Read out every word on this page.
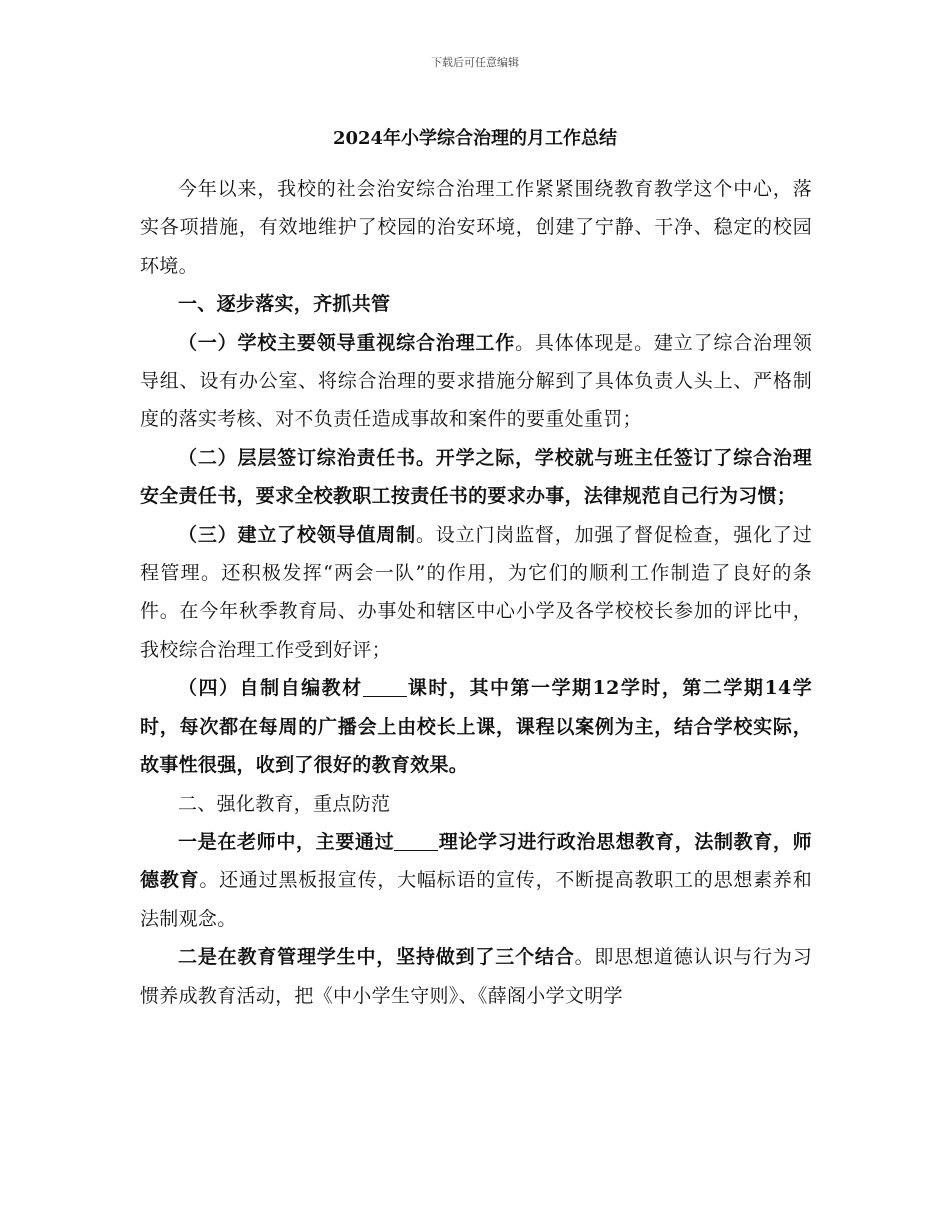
下载后可任意编辑
2024年小学综合治理的月工作总结

今年以来，我校的社会治安综合治理工作紧紧围绕教育教学这个中心，落实各项措施，有效地维护了校园的治安环境，创建了宁静、干净、稳定的校园环境。

一、逐步落实，齐抓共管

（一）学校主要领导重视综合治理工作。具体体现是。建立了综合治理领导组、设有办公室、将综合治理的要求措施分解到了具体负责人头上、严格制度的落实考核、对不负责任造成事故和案件的要重处重罚；

（二）层层签订综治责任书。开学之际，学校就与班主任签订了综合治理安全责任书，要求全校教职工按责任书的要求办事，法律规范自己行为习惯；

（三）建立了校领导值周制。设立门岗监督，加强了督促检查，强化了过程管理。还积极发挥“两会一队”的作用，为它们的顺利工作制造了良好的条件。在今年秋季教育局、办事处和辖区中心小学及各学校校长参加的评比中，我校综合治理工作受到好评；

（四）自制自编教材 课时，其中第一学期12学时，第二学期14学时，每次都在每周的广播会上由校长上课，课程以案例为主，结合学校实际，故事性很强，收到了很好的教育效果。

二、强化教育，重点防范

一是在老师中，主要通过 理论学习进行政治思想教育，法制教育，师德教育。还通过黑板报宣传，大幅标语的宣传，不断提高教职工的思想素养和法制观念。

二是在教育管理学生中，坚持做到了三个结合。即思想道德认识与行为习惯养成教育活动，把《中小学生守则》、《薛阁小学文明学
